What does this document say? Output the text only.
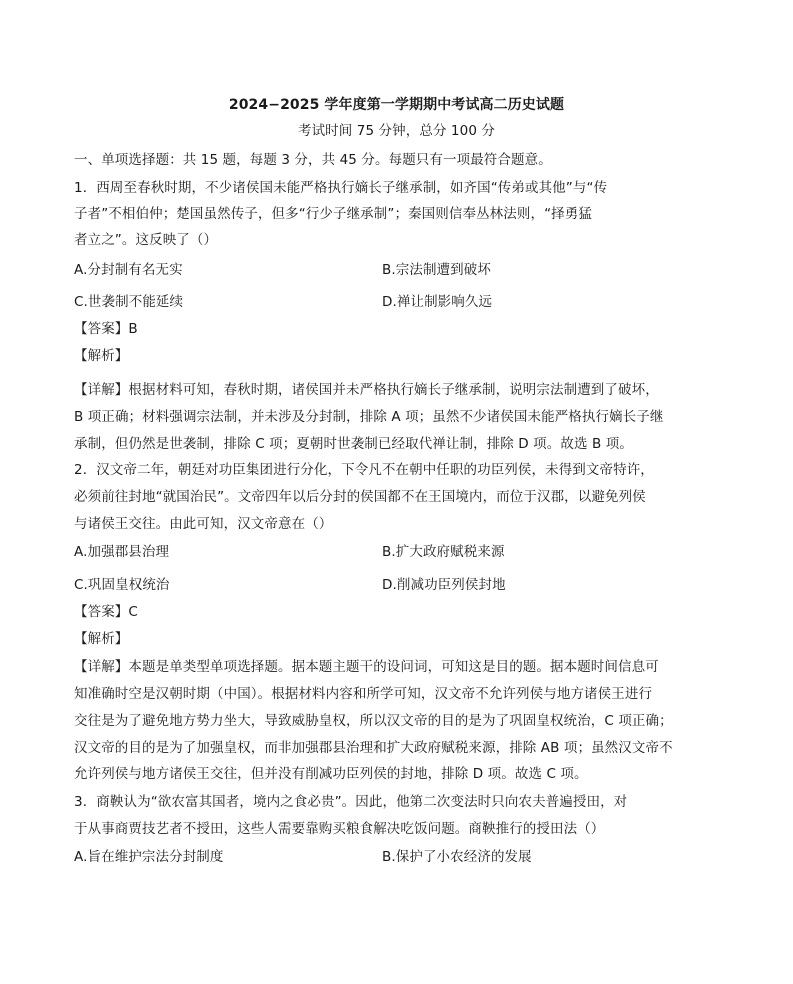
2024−2025 学年度第一学期期中考试高二历史试题
考试时间 75 分钟，总分 100 分
一、单项选择题：共 15 题，每题 3 分，共 45 分。每题只有一项最符合题意。
1．西周至春秋时期，不少诸侯国未能严格执行嫡长子继承制，如齐国“传弟或其他”与“传
子者”不相伯仲；楚国虽然传子，但多“行少子继承制”；秦国则信奉丛林法则，“择勇猛
者立之”。这反映了（）
A.分封制有名无实	B.宗法制遭到破坏
C.世袭制不能延续	D.禅让制影响久远
【答案】B
【解析】
【详解】根据材料可知，春秋时期，诸侯国并未严格执行嫡长子继承制，说明宗法制遭到了破坏，
B 项正确；材料强调宗法制，并未涉及分封制，排除 A 项；虽然不少诸侯国未能严格执行嫡长子继
承制，但仍然是世袭制，排除 C 项；夏朝时世袭制已经取代禅让制，排除 D 项。故选 B 项。
2．汉文帝二年，朝廷对功臣集团进行分化，下令凡不在朝中任职的功臣列侯，未得到文帝特许，
必须前往封地“就国治民”。文帝四年以后分封的侯国都不在王国境内，而位于汉郡，以避免列侯
与诸侯王交往。由此可知，汉文帝意在（）
A.加强郡县治理	B.扩大政府赋税来源
C.巩固皇权统治	D.削减功臣列侯封地
【答案】C
【解析】
【详解】本题是单类型单项选择题。据本题主题干的设问词，可知这是目的题。据本题时间信息可
知准确时空是汉朝时期（中国）。根据材料内容和所学可知，汉文帝不允许列侯与地方诸侯王进行
交往是为了避免地方势力坐大，导致威胁皇权，所以汉文帝的目的是为了巩固皇权统治，C 项正确；
汉文帝的目的是为了加强皇权，而非加强郡县治理和扩大政府赋税来源，排除 AB 项；虽然汉文帝不
允许列侯与地方诸侯王交往，但并没有削减功臣列侯的封地，排除 D 项。故选 C 项。
3．商鞅认为“欲农富其国者，境内之食必贵”。因此，他第二次变法时只向农夫普遍授田，对
于从事商贾技艺者不授田，这些人需要靠购买粮食解决吃饭问题。商鞅推行的授田法（）
A.旨在维护宗法分封制度	B.保护了小农经济的发展
